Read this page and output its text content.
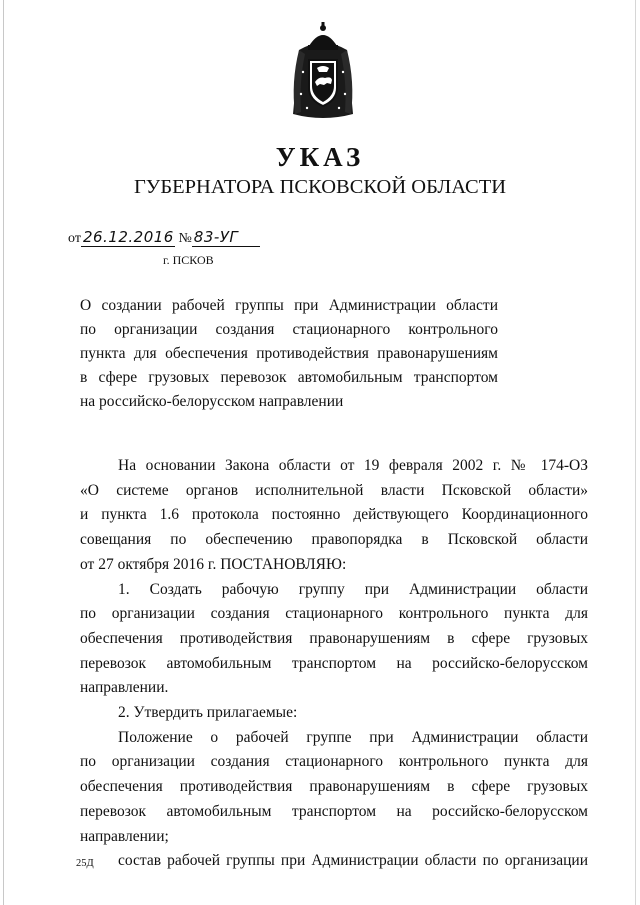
УКАЗ
ГУБЕРНАТОРА ПСКОВСКОЙ ОБЛАСТИ
от 26.12.2016 № 83-УГ
г. ПСКОВ
О создании рабочей группы при Администрации области
по организации создания стационарного контрольного
пункта для обеспечения противодействия правонарушениям
в сфере грузовых перевозок автомобильным транспортом
на российско-белорусском направлении
На основании Закона области от 19 февраля 2002 г. № 174-ОЗ
«О системе органов исполнительной власти Псковской области»
и пункта 1.6 протокола постоянно действующего Координационного
совещания по обеспечению правопорядка в Псковской области
от 27 октября 2016 г. ПОСТАНОВЛЯЮ:
1. Создать рабочую группу при Администрации области
по организации создания стационарного контрольного пункта для
обеспечения противодействия правонарушениям в сфере грузовых
перевозок автомобильным транспортом на российско-белорусском
направлении.
2. Утвердить прилагаемые:
Положение о рабочей группе при Администрации области
по организации создания стационарного контрольного пункта для
обеспечения противодействия правонарушениям в сфере грузовых
перевозок автомобильным транспортом на российско-белорусском
направлении;
состав рабочей группы при Администрации области по организации
25Д
